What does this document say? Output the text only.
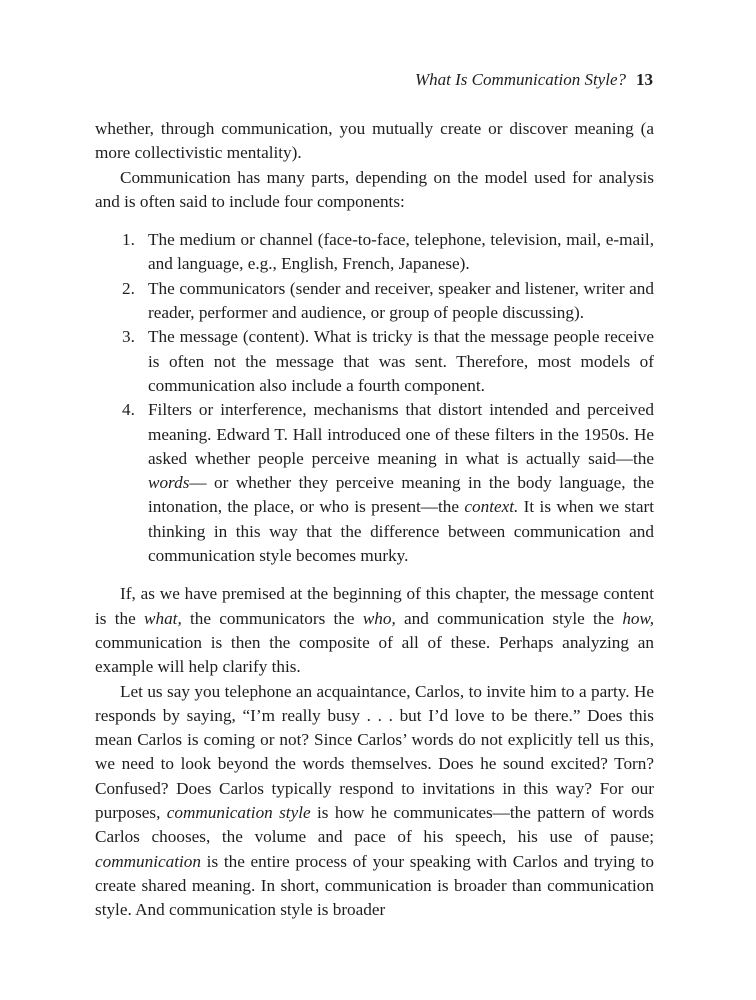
What Is Communication Style? 13

whether, through communication, you mutually create or discover meaning (a more collectivistic mentality).

Communication has many parts, depending on the model used for analysis and is often said to include four components:

1. The medium or channel (face-to-face, telephone, television, mail, e-mail, and language, e.g., English, French, Japanese).
2. The communicators (sender and receiver, speaker and listener, writer and reader, performer and audience, or group of people discussing).
3. The message (content). What is tricky is that the message people receive is often not the message that was sent. Therefore, most models of communication also include a fourth component.
4. Filters or interference, mechanisms that distort intended and perceived meaning. Edward T. Hall introduced one of these filters in the 1950s. He asked whether people perceive meaning in what is actually said—the words— or whether they perceive meaning in the body language, the intonation, the place, or who is present—the context. It is when we start thinking in this way that the difference between communication and communication style becomes murky.

If, as we have premised at the beginning of this chapter, the message content is the what, the communicators the who, and communication style the how, communication is then the composite of all of these. Perhaps analyzing an example will help clarify this.

Let us say you telephone an acquaintance, Carlos, to invite him to a party. He responds by saying, “I’m really busy . . . but I’d love to be there.” Does this mean Carlos is coming or not? Since Carlos’ words do not explicitly tell us this, we need to look beyond the words themselves. Does he sound excited? Torn? Confused? Does Carlos typically respond to invitations in this way? For our purposes, communication style is how he communicates—the pattern of words Carlos chooses, the volume and pace of his speech, his use of pause; communication is the entire process of your speaking with Carlos and trying to create shared meaning. In short, communication is broader than communication style. And communication style is broader
